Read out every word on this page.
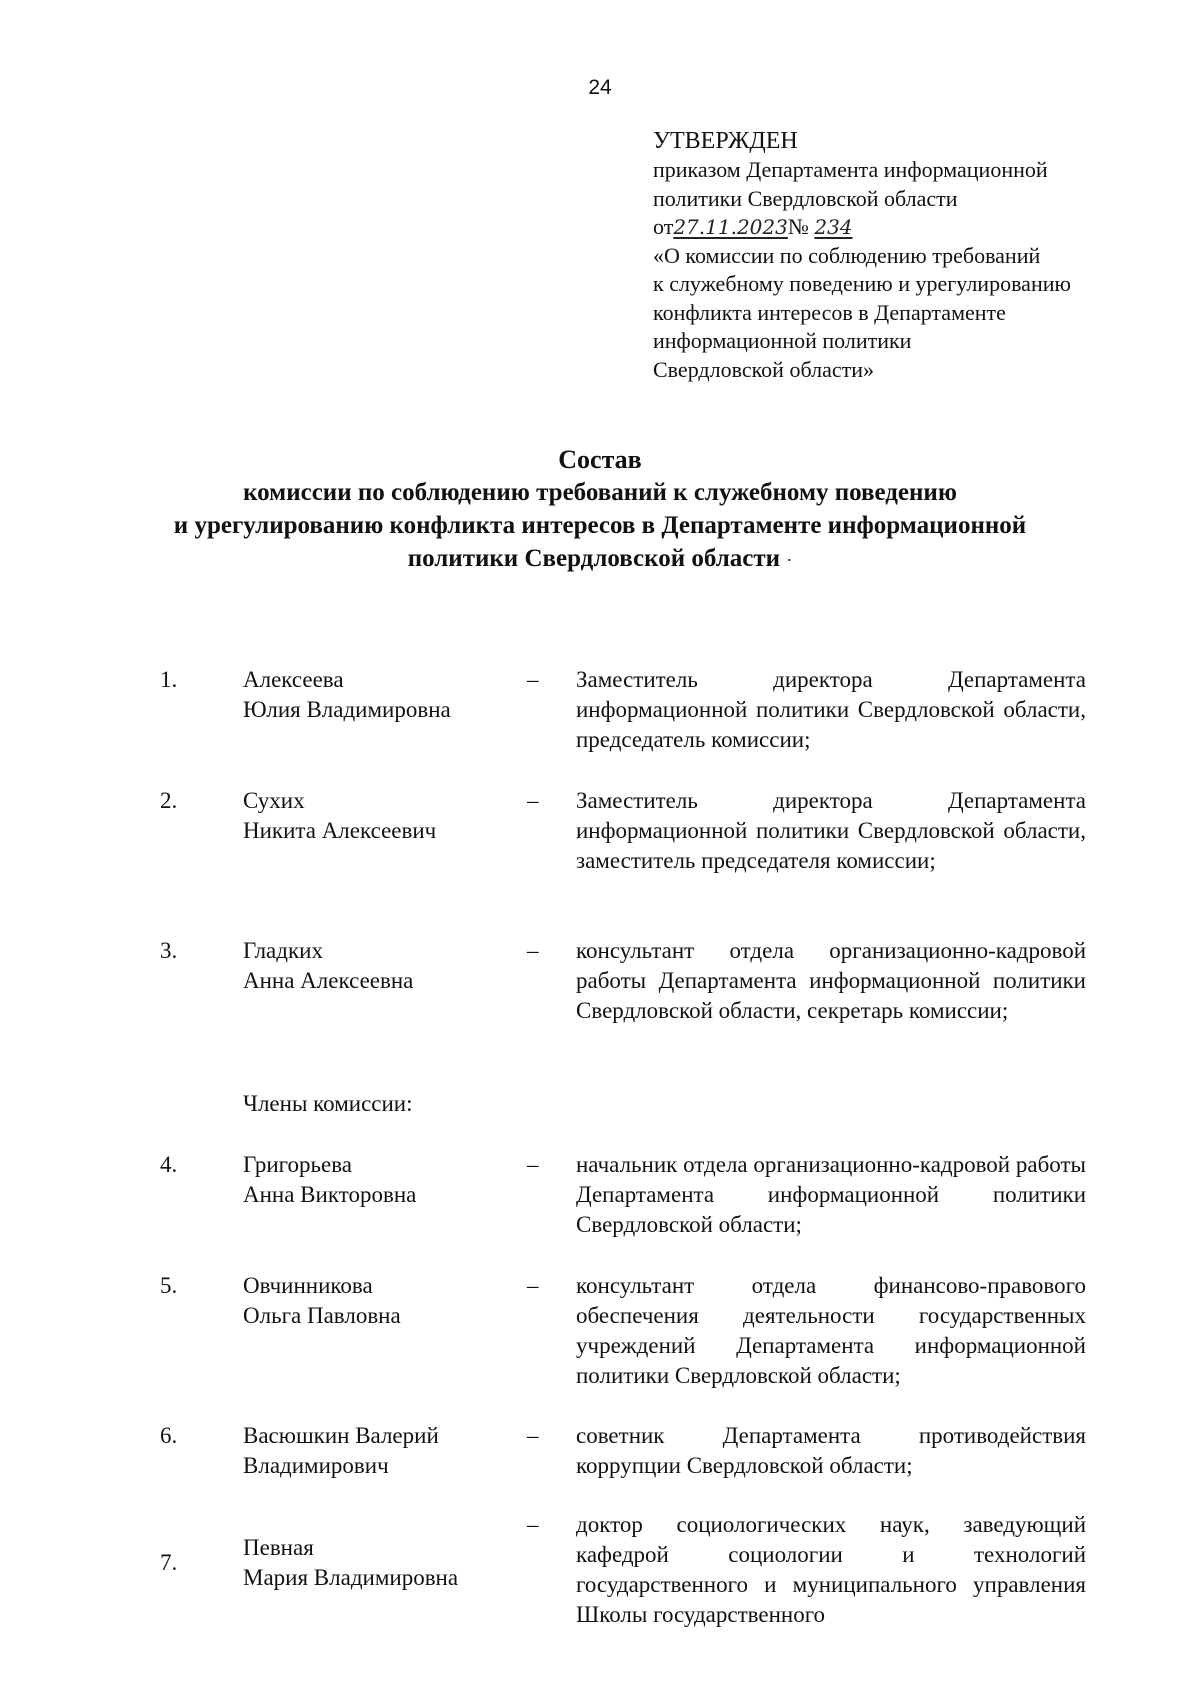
24
УТВЕРЖДЕН
приказом Департамента информационной
политики Свердловской области
от27.11.2023№ 234
«О комиссии по соблюдению требований
к служебному поведению и урегулированию
конфликта интересов в Департаменте
информационной политики
Свердловской области»
Состав
комиссии по соблюдению требований к служебному поведению
и урегулированию конфликта интересов в Департаменте информационной
политики Свердловской области ·
1.	Алексеева
Юлия Владимировна
–	Заместитель директора Департамента информационной политики Свердловской области, председатель комиссии;
2.	Сухих
Никита Алексеевич
–	Заместитель директора Департамента информационной политики Свердловской области, заместитель председателя комиссии;
3.	Гладких
Анна Алексеевна
–	консультант отдела организационно-кадровой работы Департамента информационной политики Свердловской области, секретарь комиссии;
Члены комиссии:
4.	Григорьева
Анна Викторовна
–	начальник отдела организационно-кадровой работы Департамента информационной политики Свердловской области;
5.	Овчинникова
Ольга Павловна
–	консультант отдела финансово-правового обеспечения деятельности государственных учреждений Департамента информационной политики Свердловской области;
6.	Васюшкин Валерий
Владимирович
–	советник Департамента противодействия коррупции Свердловской области;
7.
Певная
Мария Владимировна
–	доктор социологических наук, заведующий кафедрой социологии и технологий государственного и муниципального управления Школы государственного
